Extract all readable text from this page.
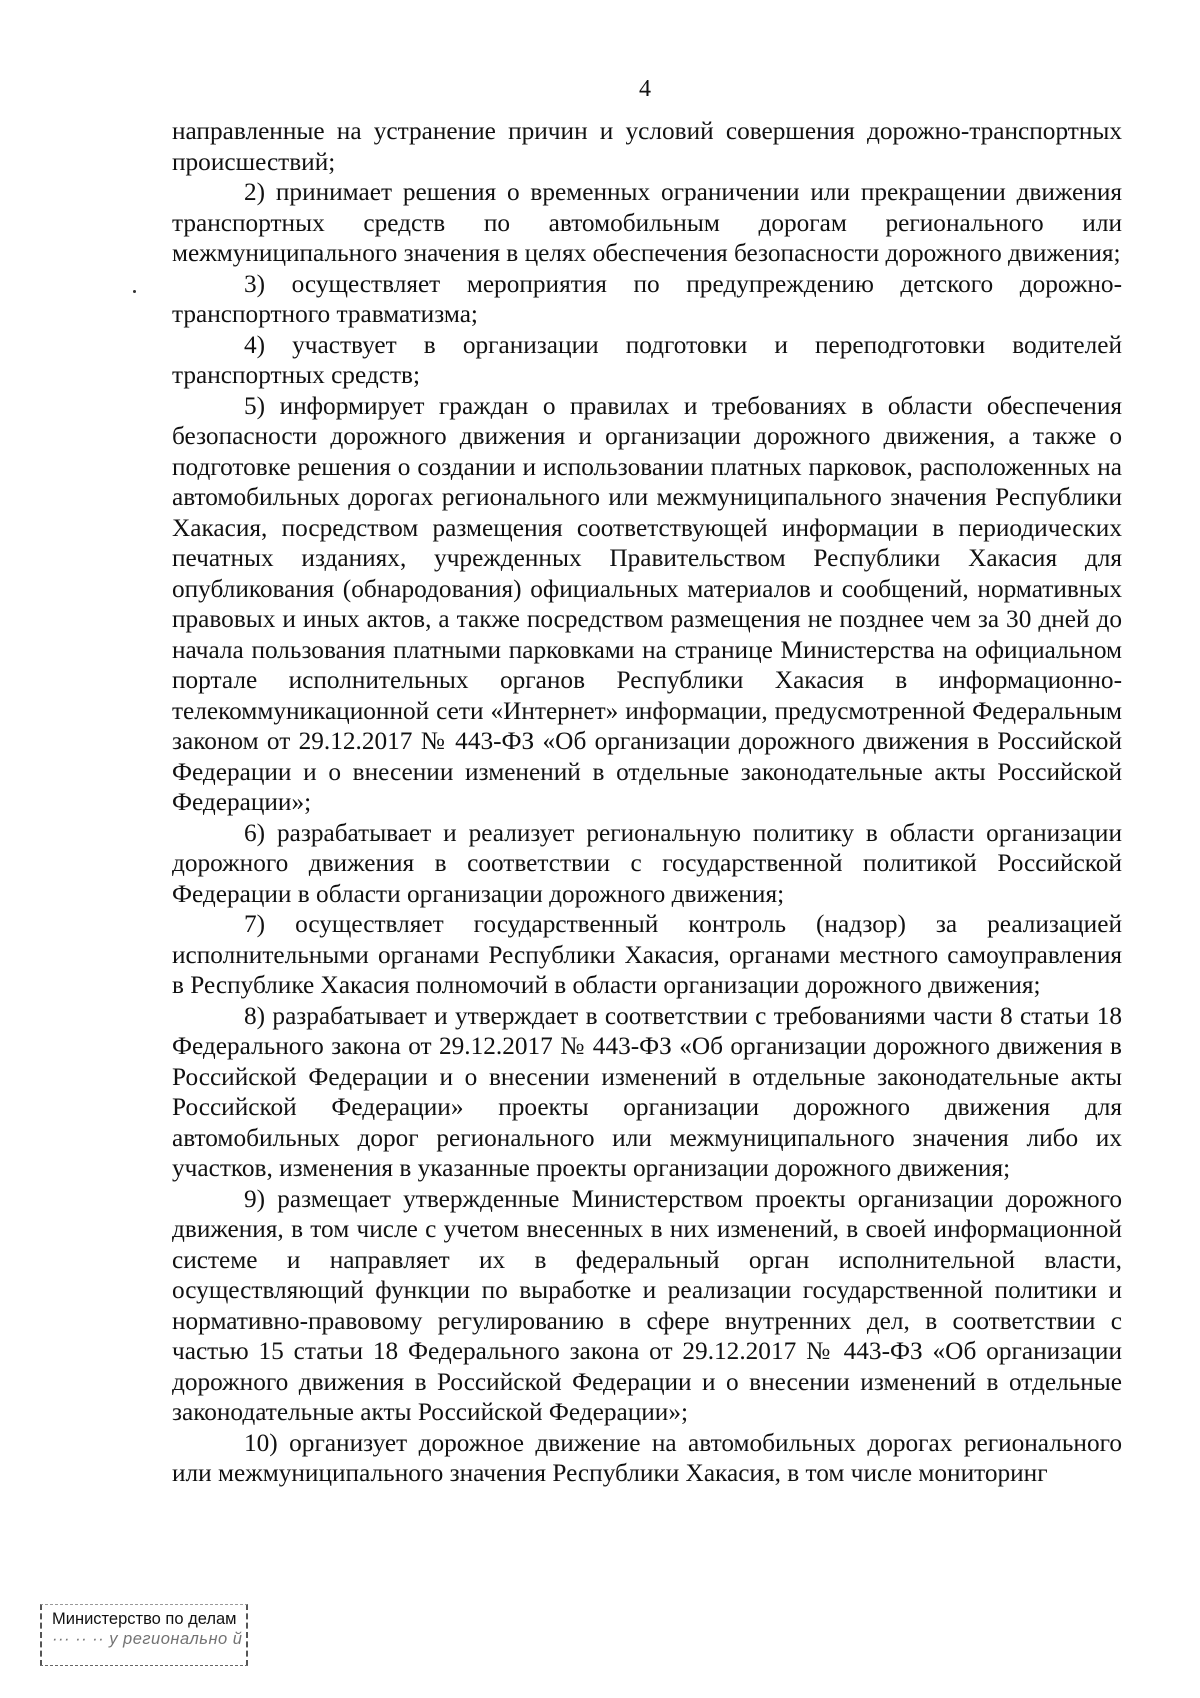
4

направленные на устранение причин и условий совершения дорожно-транспортных происшествий;

2) принимает решения о временных ограничении или прекращении движения транспортных средств по автомобильным дорогам регионального или межмуниципального значения в целях обеспечения безопасности дорожного движения;

3) осуществляет мероприятия по предупреждению детского дорожно-транспортного травматизма;

4) участвует в организации подготовки и переподготовки водителей транспортных средств;

5) информирует граждан о правилах и требованиях в области обеспечения безопасности дорожного движения и организации дорожного движения, а также о подготовке решения о создании и использовании платных парковок, расположенных на автомобильных дорогах регионального или межмуниципального значения Республики Хакасия, посредством размещения соответствующей информации в периодических печатных изданиях, учрежденных Правительством Республики Хакасия для опубликования (обнародования) официальных материалов и сообщений, нормативных правовых и иных актов, а также посредством размещения не позднее чем за 30 дней до начала пользования платными парковками на странице Министерства на официальном портале исполнительных органов Республики Хакасия в информационно-телекоммуникационной сети «Интернет» информации, предусмотренной Федеральным законом от 29.12.2017 № 443-ФЗ «Об организации дорожного движения в Российской Федерации и о внесении изменений в отдельные законодательные акты Российской Федерации»;

6) разрабатывает и реализует региональную политику в области организации дорожного движения в соответствии с государственной политикой Российской Федерации в области организации дорожного движения;

7) осуществляет государственный контроль (надзор) за реализацией исполнительными органами Республики Хакасия, органами местного самоуправления в Республике Хакасия полномочий в области организации дорожного движения;

8) разрабатывает и утверждает в соответствии с требованиями части 8 статьи 18 Федерального закона от 29.12.2017 № 443-ФЗ «Об организации дорожного движения в Российской Федерации и о внесении изменений в отдельные законодательные акты Российской Федерации» проекты организации дорожного движения для автомобильных дорог регионального или межмуниципального значения либо их участков, изменения в указанные проекты организации дорожного движения;

9) размещает утвержденные Министерством проекты организации дорожного движения, в том числе с учетом внесенных в них изменений, в своей информационной системе и направляет их в федеральный орган исполнительной власти, осуществляющий функции по выработке и реализации государственной политики и нормативно-правовому регулированию в сфере внутренних дел, в соответствии с частью 15 статьи 18 Федерального закона от 29.12.2017 № 443-ФЗ «Об организации дорожного движения в Российской Федерации и о внесении изменений в отдельные законодательные акты Российской Федерации»;

10) организует дорожное движение на автомобильных дорогах регионального или межмуниципального значения Республики Хакасия, в том числе мониторинг

Министерство по делам
··· ·· ·· у регионально й
